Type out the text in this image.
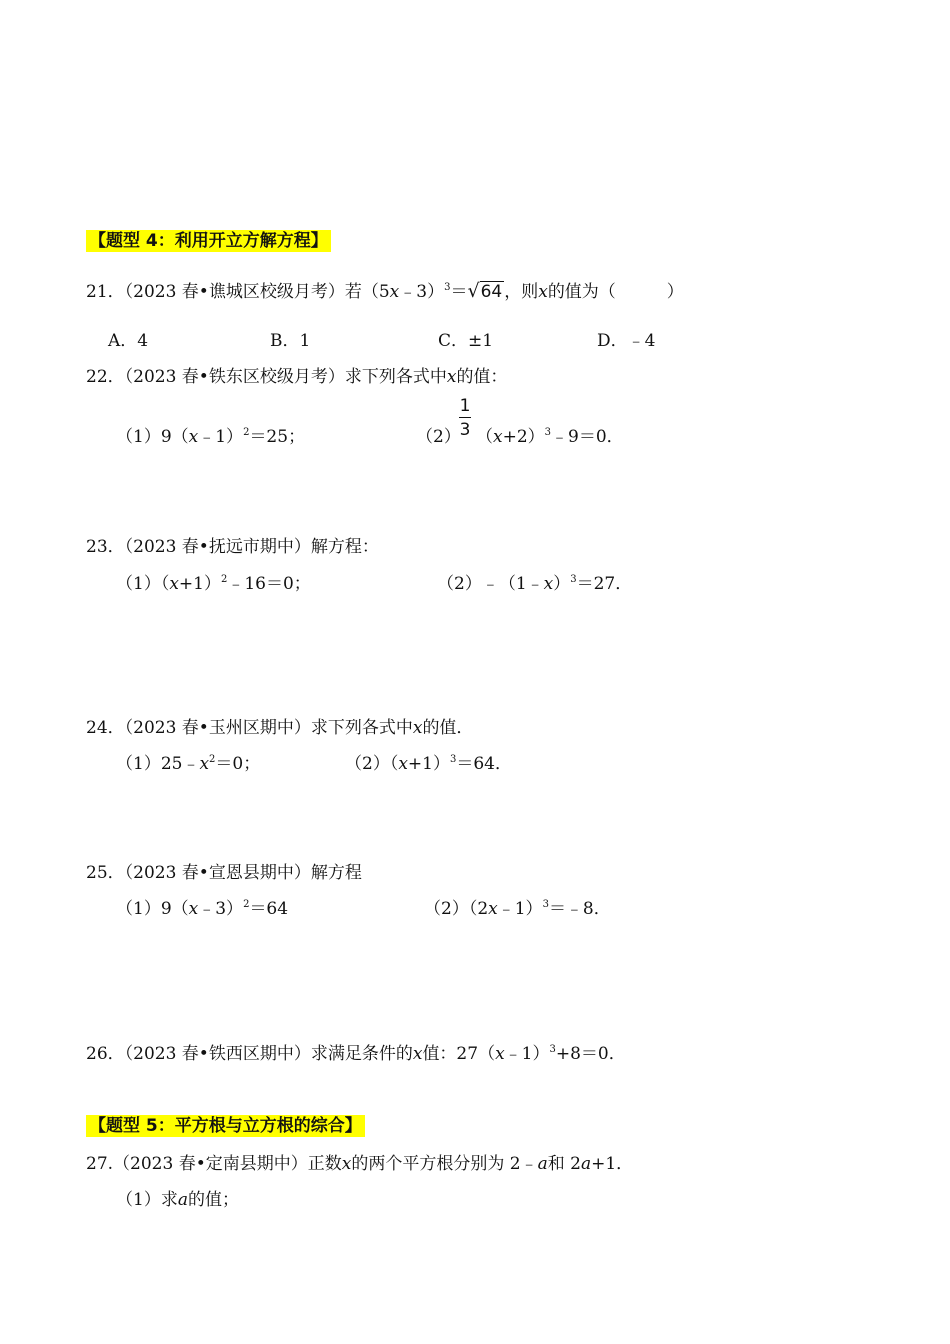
【题型 4：利用开立方解方程】
21．（2023 春•谯城区校级月考）若（5x﹣3）$^3$＝√64 ，则x的值为（　　　）
A．4	B．1	C．±1	D．﹣4
22．（2023 春•铁东区校级月考）求下列各式中x的值：
（1）9（x﹣1）$^2$＝25；	（2）
1
3 $(x+2)^3﹣9=0$．
23．（2023 春•抚远市期中）解方程：
$(1)(x+1)^2﹣16=0$；	（2）﹣（1﹣x）$^3$＝27．
24．（2023 春•玉州区期中）求下列各式中x的值．
$(1)25﹣x^2=0$；	$(2)(x+1)^3=64$．
25．（2023 春•宣恩县期中）解方程
（1）9（x﹣3）$^2$＝64	（2）（2x﹣1）$^3$＝﹣8．
26．（2023 春•铁西区期中）求满足条件的x值：27（x﹣1）$^3$+8＝0．
【题型 5：平方根与立方根的综合】
27.（2023 春•定南县期中）正数x的两个平方根分别为 2﹣a和 2a+1．
（1）求a的值；
